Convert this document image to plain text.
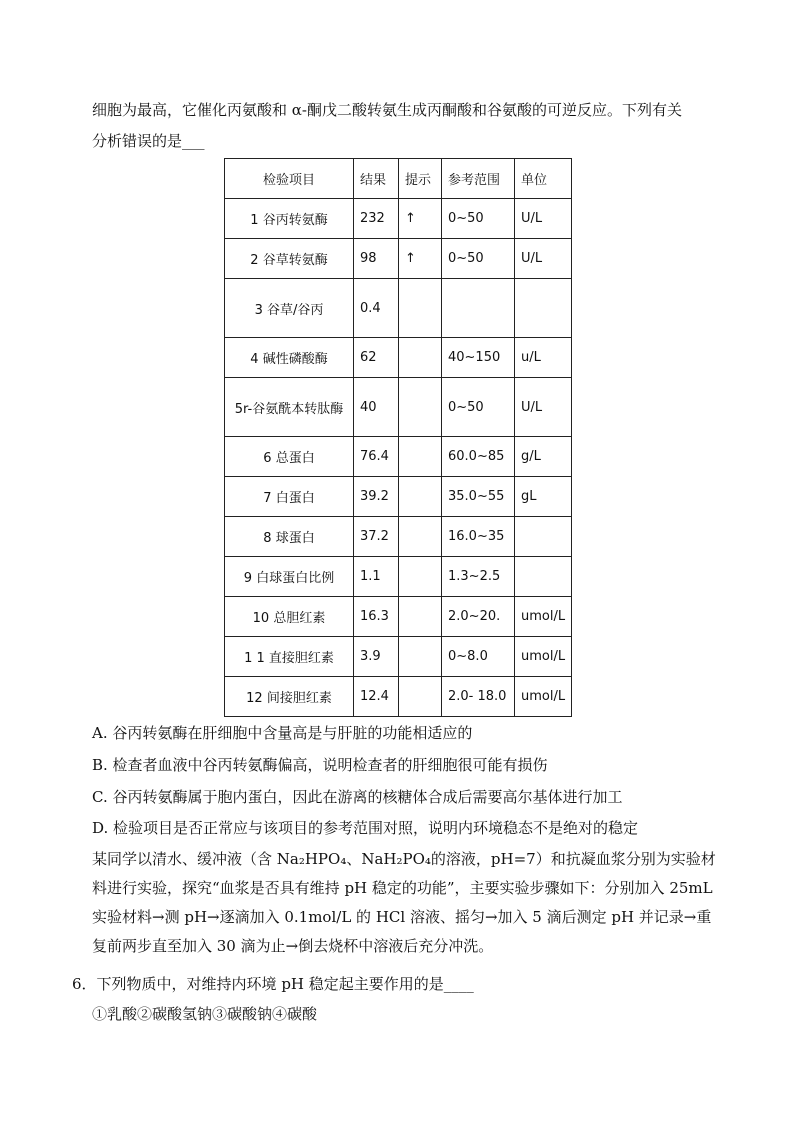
细胞为最高，它催化丙氨酸和 α-酮戊二酸转氨生成丙酮酸和谷氨酸的可逆反应。下列有关
分析错误的是___
检验项目	结果	提示	参考范围	单位
1 谷丙转氨酶	232	↑	0~50	U/L
2 谷草转氨酶	98	↑	0~50	U/L
3 谷草/谷丙	0.4			
4 碱性磷酸酶	62		40~150	u/L
5r-谷氨酰本转肽酶	40		0~50	U/L
6 总蛋白	76.4		60.0~85	g/L
7 白蛋白	39.2		35.0~55	gL
8 球蛋白	37.2		16.0~35	
9 白球蛋白比例	1.1		1.3~2.5	
10 总胆红素	16.3		2.0~20.	umol/L
1 1 直接胆红素	3.9		0~8.0	umol/L
12 间接胆红素	12.4		2.0- 18.0	umol/L
A. 谷丙转氨酶在肝细胞中含量高是与肝脏的功能相适应的
B. 检查者血液中谷丙转氨酶偏高，说明检查者的肝细胞很可能有损伤
C. 谷丙转氨酶属于胞内蛋白，因此在游离的核糖体合成后需要高尔基体进行加工
D. 检验项目是否正常应与该项目的参考范围对照，说明内环境稳态不是绝对的稳定
某同学以清水、缓冲液（含 Na₂HPO₄、NaH₂PO₄的溶液，pH=7）和抗凝血浆分别为实验材料进行实验，探究“血浆是否具有维持 pH 稳定的功能”，主要实验步骤如下：分别加入 25mL 实验材料→测 pH→逐滴加入 0.1mol/L 的 HCl 溶液、摇匀→加入 5 滴后测定 pH 并记录→重复前两步直至加入 30 滴为止→倒去烧杯中溶液后充分冲洗。
6．下列物质中，对维持内环境 pH 稳定起主要作用的是____
①乳酸②碳酸氢钠③碳酸钠④碳酸
